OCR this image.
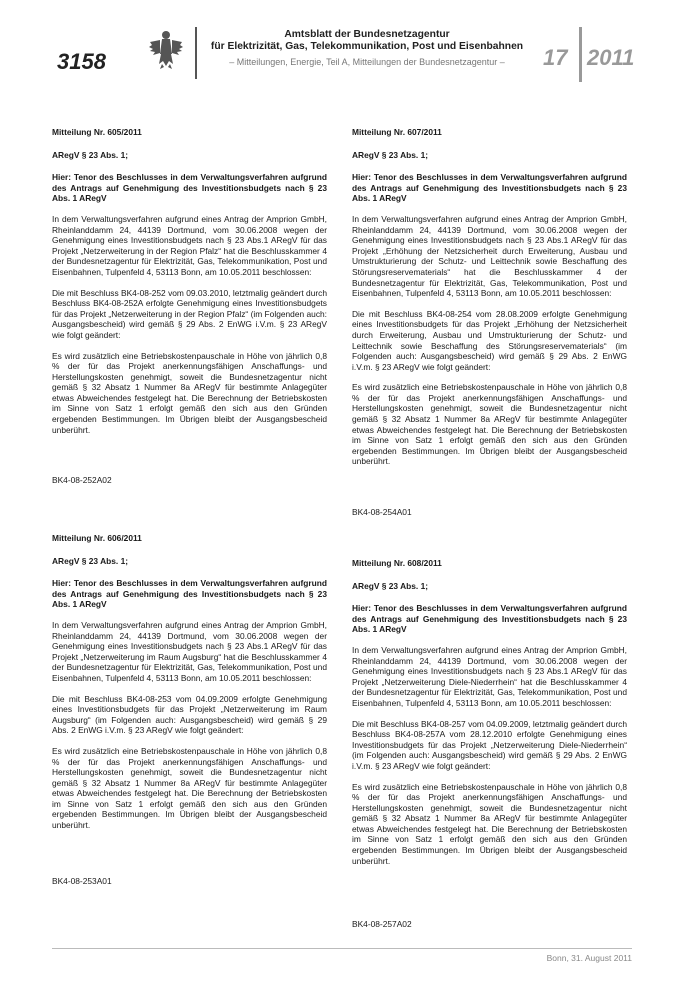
3158
Amtsblatt der Bundesnetzagentur
für Elektrizität, Gas, Telekommunikation, Post und Eisenbahnen
– Mitteilungen, Energie, Teil A, Mitteilungen der Bundesnetzagentur –	17 2011
Mitteilung Nr. 605/2011
ARegV § 23 Abs. 1;
Hier: Tenor des Beschlusses in dem Verwaltungsverfahren aufgrund des Antrags auf Genehmigung des Investitionsbudgets nach § 23 Abs. 1 ARegV
In dem Verwaltungsverfahren aufgrund eines Antrag der Amprion GmbH, Rheinlanddamm 24, 44139 Dortmund, vom 30.06.2008 wegen der Genehmigung eines Investitionsbudgets nach § 23 Abs.1 ARegV für das Projekt „Netzerweiterung in der Region Pfalz“ hat die Beschlusskammer 4 der Bundesnetzagentur für Elektrizität, Gas, Telekommunikation, Post und Eisenbahnen, Tulpenfeld 4, 53113 Bonn, am 10.05.2011 beschlossen:
Die mit Beschluss BK4-08-252 vom 09.03.2010, letztmalig geändert durch Beschluss BK4-08-252A erfolgte Genehmigung eines Investitionsbudgets für das Projekt „Netzerweiterung in der Region Pfalz“ (im Folgenden auch: Ausgangsbescheid) wird gemäß § 29 Abs. 2 EnWG i.V.m. § 23 ARegV wie folgt geändert:
Es wird zusätzlich eine Betriebskostenpauschale in Höhe von jährlich 0,8 % der für das Projekt anerkennungsfähigen Anschaffungs- und Herstellungskosten genehmigt, soweit die Bundesnetzagentur nicht gemäß § 32 Absatz 1 Nummer 8a ARegV für bestimmte Anlagegüter etwas Abweichendes festgelegt hat. Die Berechnung der Betriebskosten im Sinne von Satz 1 erfolgt gemäß den sich aus den Gründen ergebenden Bestimmungen. Im Übrigen bleibt der Ausgangsbescheid unberührt.
BK4-08-252A02
Mitteilung Nr. 606/2011
ARegV § 23 Abs. 1;
Hier: Tenor des Beschlusses in dem Verwaltungsverfahren aufgrund des Antrags auf Genehmigung des Investitionsbudgets nach § 23 Abs. 1 ARegV
In dem Verwaltungsverfahren aufgrund eines Antrag der Amprion GmbH, Rheinlanddamm 24, 44139 Dortmund, vom 30.06.2008 wegen der Genehmigung eines Investitionsbudgets nach § 23 Abs.1 ARegV für das Projekt „Netzerweiterung im Raum Augsburg“ hat die Beschlusskammer 4 der Bundesnetzagentur für Elektrizität, Gas, Telekommunikation, Post und Eisenbahnen, Tulpenfeld 4, 53113 Bonn, am 10.05.2011 beschlossen:
Die mit Beschluss BK4-08-253 vom 04.09.2009 erfolgte Genehmigung eines Investitionsbudgets für das Projekt „Netzerweiterung im Raum Augsburg“ (im Folgenden auch: Ausgangsbescheid) wird gemäß § 29 Abs. 2 EnWG i.V.m. § 23 ARegV wie folgt geändert:
Es wird zusätzlich eine Betriebskostenpauschale in Höhe von jährlich 0,8 % der für das Projekt anerkennungsfähigen Anschaffungs- und Herstellungskosten genehmigt, soweit die Bundesnetzagentur nicht gemäß § 32 Absatz 1 Nummer 8a ARegV für bestimmte Anlagegüter etwas Abweichendes festgelegt hat. Die Berechnung der Betriebskosten im Sinne von Satz 1 erfolgt gemäß den sich aus den Gründen ergebenden Bestimmungen. Im Übrigen bleibt der Ausgangsbescheid unberührt.
BK4-08-253A01
Mitteilung Nr. 607/2011
ARegV § 23 Abs. 1;
Hier: Tenor des Beschlusses in dem Verwaltungsverfahren aufgrund des Antrags auf Genehmigung des Investitionsbudgets nach § 23 Abs. 1 ARegV
In dem Verwaltungsverfahren aufgrund eines Antrag der Amprion GmbH, Rheinlanddamm 24, 44139 Dortmund, vom 30.06.2008 wegen der Genehmigung eines Investitionsbudgets nach § 23 Abs.1 ARegV für das Projekt „Erhöhung der Netzsicherheit durch Erweiterung, Ausbau und Umstrukturierung der Schutz- und Leittechnik sowie Beschaffung des Störungsreservematerials“ hat die Beschlusskammer 4 der Bundesnetzagentur für Elektrizität, Gas, Telekommunikation, Post und Eisenbahnen, Tulpenfeld 4, 53113 Bonn, am 10.05.2011 beschlossen:
Die mit Beschluss BK4-08-254 vom 28.08.2009 erfolgte Genehmigung eines Investitionsbudgets für das Projekt „Erhöhung der Netzsicherheit durch Erweiterung, Ausbau und Umstrukturierung der Schutz- und Leittechnik sowie Beschaffung des Störungsreservematerials“ (im Folgenden auch: Ausgangsbescheid) wird gemäß § 29 Abs. 2 EnWG i.V.m. § 23 ARegV wie folgt geändert:
Es wird zusätzlich eine Betriebskostenpauschale in Höhe von jährlich 0,8 % der für das Projekt anerkennungsfähigen Anschaffungs- und Herstellungskosten genehmigt, soweit die Bundesnetzagentur nicht gemäß § 32 Absatz 1 Nummer 8a ARegV für bestimmte Anlagegüter etwas Abweichendes festgelegt hat. Die Berechnung der Betriebskosten im Sinne von Satz 1 erfolgt gemäß den sich aus den Gründen ergebenden Bestimmungen. Im Übrigen bleibt der Ausgangsbescheid unberührt.
BK4-08-254A01
Mitteilung Nr. 608/2011
ARegV § 23 Abs. 1;
Hier: Tenor des Beschlusses in dem Verwaltungsverfahren aufgrund des Antrags auf Genehmigung des Investitionsbudgets nach § 23 Abs. 1 ARegV
In dem Verwaltungsverfahren aufgrund eines Antrag der Amprion GmbH, Rheinlanddamm 24, 44139 Dortmund, vom 30.06.2008 wegen der Genehmigung eines Investitionsbudgets nach § 23 Abs.1 ARegV für das Projekt „Netzerweiterung Diele-Niederrhein“ hat die Beschlusskammer 4 der Bundesnetzagentur für Elektrizität, Gas, Telekommunikation, Post und Eisenbahnen, Tulpenfeld 4, 53113 Bonn, am 10.05.2011 beschlossen:
Die mit Beschluss BK4-08-257 vom 04.09.2009, letztmalig geändert durch Beschluss BK4-08-257A vom 28.12.2010 erfolgte Genehmigung eines Investitionsbudgets für das Projekt „Netzerweiterung Diele-Niederrhein“ (im Folgenden auch: Ausgangsbescheid) wird gemäß § 29 Abs. 2 EnWG i.V.m. § 23 ARegV wie folgt geändert:
Es wird zusätzlich eine Betriebskostenpauschale in Höhe von jährlich 0,8 % der für das Projekt anerkennungsfähigen Anschaffungs- und Herstellungskosten genehmigt, soweit die Bundesnetzagentur nicht gemäß § 32 Absatz 1 Nummer 8a ARegV für bestimmte Anlagegüter etwas Abweichendes festgelegt hat. Die Berechnung der Betriebskosten im Sinne von Satz 1 erfolgt gemäß den sich aus den Gründen ergebenden Bestimmungen. Im Übrigen bleibt der Ausgangsbescheid unberührt.
BK4-08-257A02
Bonn, 31. August 2011
